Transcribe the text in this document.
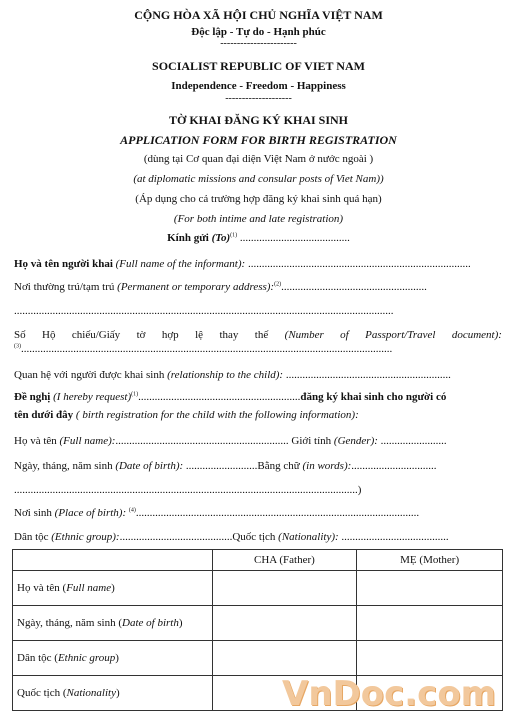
CỘNG HÒA XÃ HỘI CHỦ NGHĨA VIỆT NAM
Độc lập - Tự do - Hạnh phúc
-----------------------
SOCIALIST REPUBLIC OF VIET NAM
Independence - Freedom - Happiness
--------------------
TỜ KHAI ĐĂNG KÝ KHAI SINH
APPLICATION FORM FOR BIRTH REGISTRATION
(dùng tại Cơ quan đại diện Việt Nam ở nước ngoài )
(at diplomatic missions and consular posts of Viet Nam))
(Áp dụng cho cả trường hợp đăng ký khai sinh quá hạn)
(For both intime and late registration)
Kính gửi $(To)^{(1)}$ ........................................
Họ và tên người khai (Full name of the informant): .................................................................................
Nơi thường trú/tạm trú (Permanent or temporary address):$^{(2)}$.....................................................
..........................................................................................................................................
Số Hộ chiếu/Giấy tờ hợp lệ thay thế (Number of Passport/Travel document):
$^{(3)}$.......................................................................................................................................
Quan hệ với người được khai sinh (relationship to the child): ............................................................
Đề nghị (I hereby request)$^{(1)}$...........................................................đăng ký khai sinh cho người có
tên dưới đây ( birth registration for the child with the following information):
Họ và tên (Full name):............................................................... Giới tính (Gender): ........................
Ngày, tháng, năm sinh (Date of birth): ..........................Bằng chữ (in words):...............................
.............................................................................................................................)
Nơi sinh (Place of birth): $^{(4)}$.......................................................................................................
Dân tộc (Ethnic group):.........................................Quốc tịch (Nationality): .......................................
	CHA (Father)	MẸ (Mother)
Họ và tên (Full name)		
Ngày, tháng, năm sinh (Date of birth)		
Dân tộc (Ethnic group)		
Quốc tịch (Nationality)			VnDoc.com
